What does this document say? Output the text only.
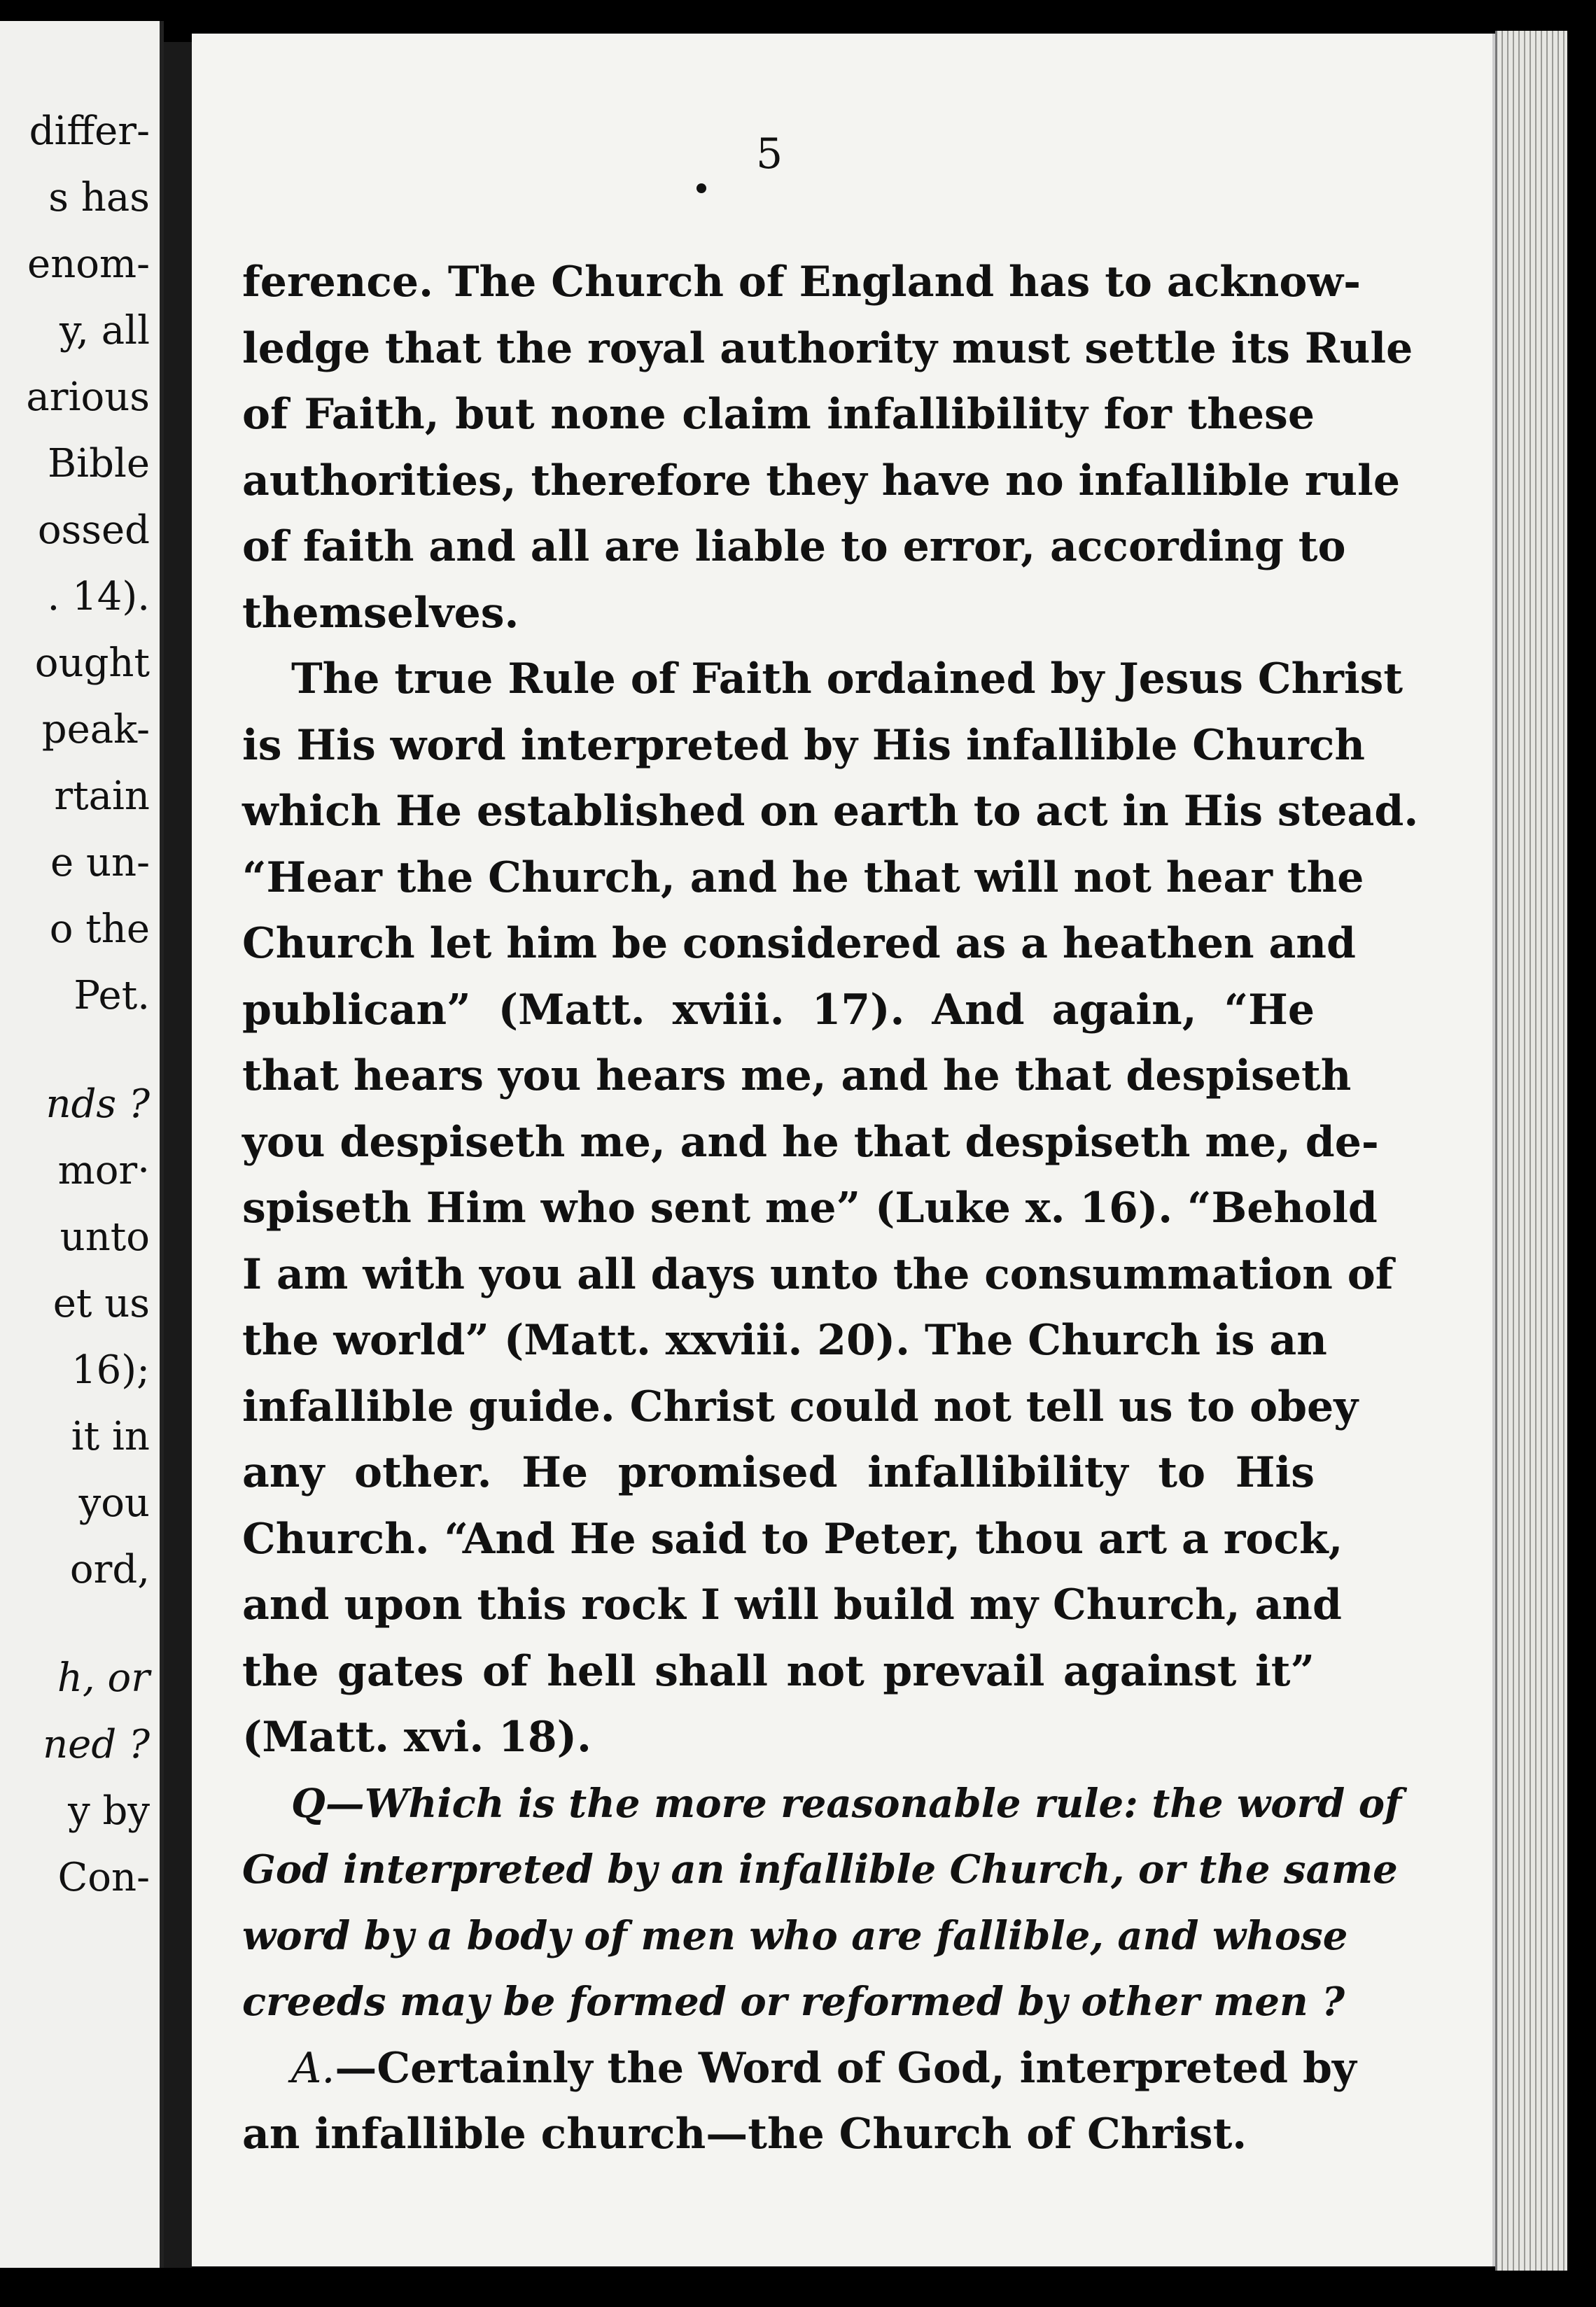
differ-
s has
enom-
y, all
arious
Bible
ossed
. 14).
ought
peak-
rtain
e un-
o the
Pet.
nds ?
mor·
unto
et us
16);
it in
you
ord,
h, or
ned ?
y by
Con-
5
ference. The Church of England has to acknow-
ledge that the royal authority must settle its Rule
of Faith, but none claim infallibility for these
authorities, therefore they have no infallible rule
of faith and all are liable to error, according to
themselves.
The true Rule of Faith ordained by Jesus Christ
is His word interpreted by His infallible Church
which He established on earth to act in His stead.
“Hear the Church, and he that will not hear the
Church let him be considered as a heathen and
publican” (Matt. xviii. 17). And again, “He
that hears you hears me, and he that despiseth
you despiseth me, and he that despiseth me, de-
spiseth Him who sent me” (Luke x. 16). “Behold
I am with you all days unto the consummation of
the world” (Matt. xxviii. 20). The Church is an
infallible guide. Christ could not tell us to obey
any other. He promised infallibility to His
Church. “And He said to Peter, thou art a rock,
and upon this rock I will build my Church, and
the gates of hell shall not prevail against it”
(Matt. xvi. 18).
Q—Which is the more reasonable rule: the word of
God interpreted by an infallible Church, or the same
word by a body of men who are fallible, and whose
creeds may be formed or reformed by other men ?
A.—Certainly the Word of God, interpreted by
an infallible church—the Church of Christ.
